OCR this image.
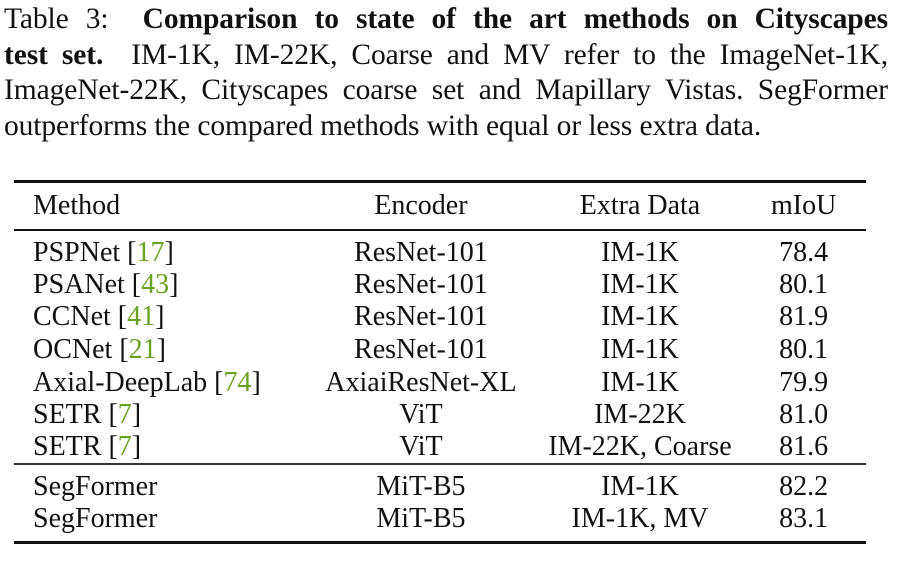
Table 3: Comparison to state of the art methods on Cityscapes
test set. IM-1K, IM-22K, Coarse and MV refer to the ImageNet-1K,
ImageNet-22K, Cityscapes coarse set and Mapillary Vistas. SegFormer
outperforms the compared methods with equal or less extra data.
Method	Encoder	Extra Data	mIoU
PSPNet [17]	ResNet-101	IM-1K	78.4
PSANet [43]	ResNet-101	IM-1K	80.1
CCNet [41]	ResNet-101	IM-1K	81.9
OCNet [21]	ResNet-101	IM-1K	80.1
Axial-DeepLab [74]	AxiaiResNet-XL	IM-1K	79.9
SETR [7]	ViT	IM-22K	81.0
SETR [7]	ViT	IM-22K, Coarse	81.6
SegFormer	MiT-B5	IM-1K	82.2
SegFormer	MiT-B5	IM-1K, MV	83.1
